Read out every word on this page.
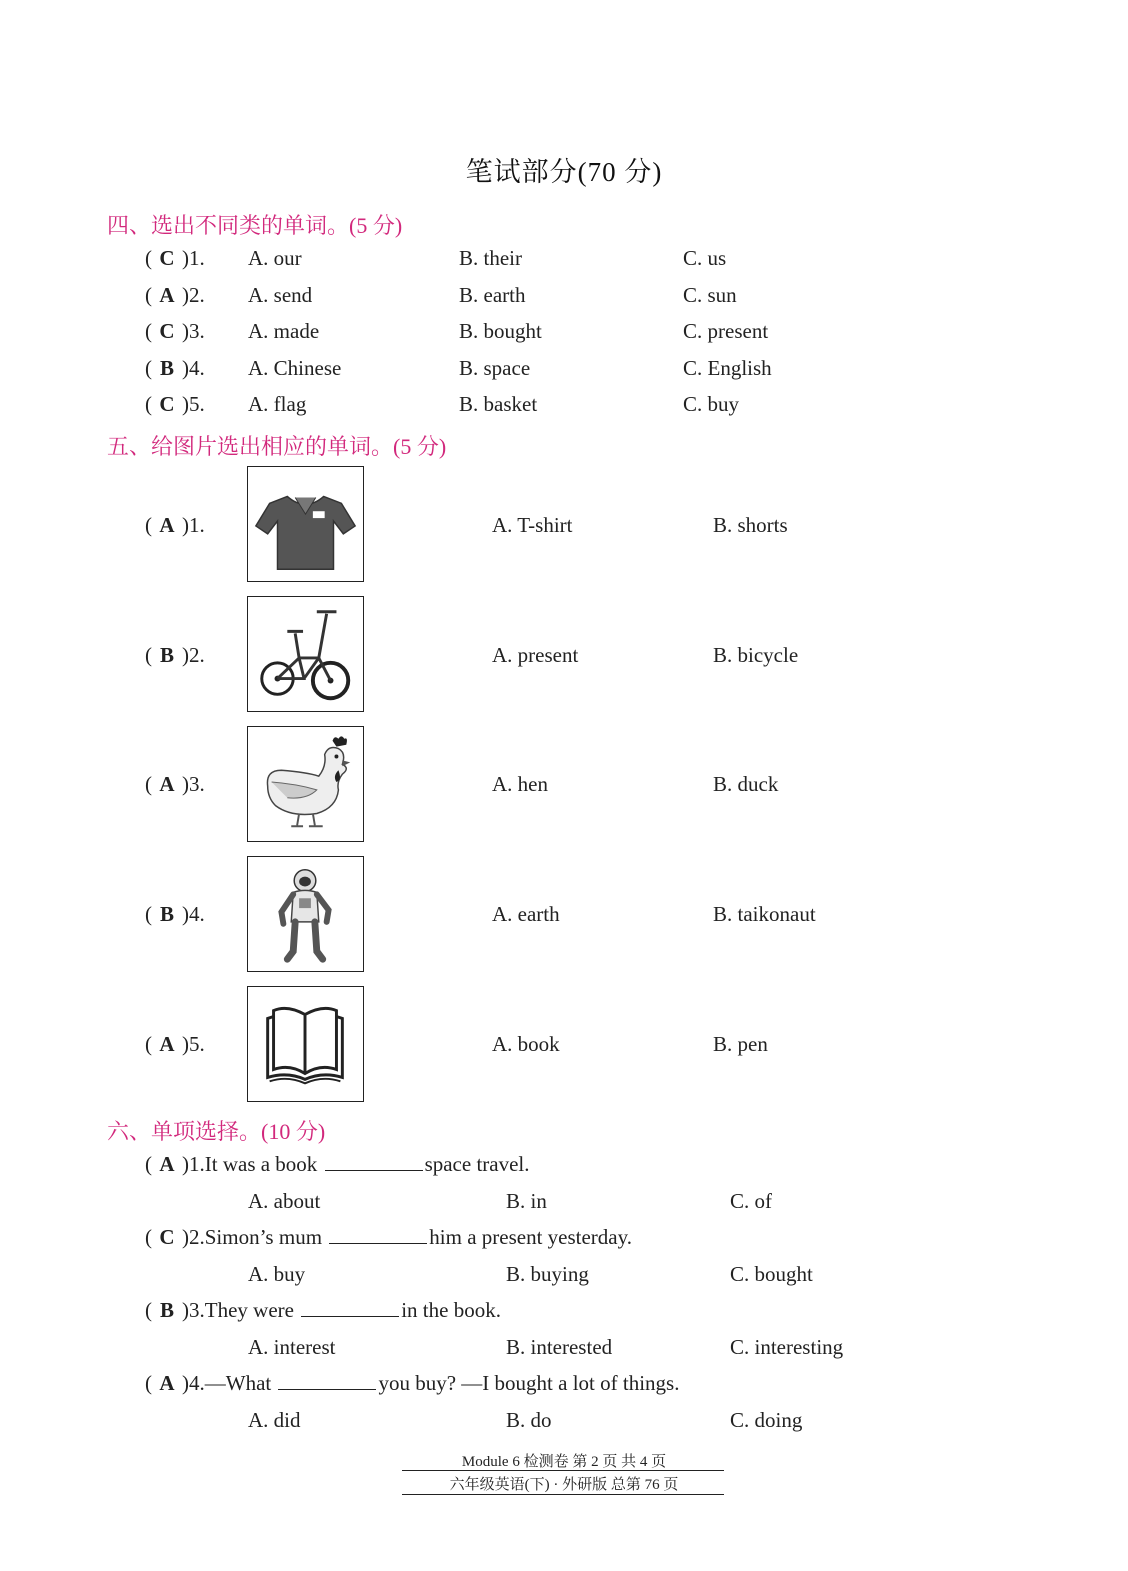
笔试部分(70 分)
四、选出不同类的单词。(5 分)
( C )1. A. our	B. their	C. us
( A )2. A. send	B. earth	C. sun
( C )3. A. made	B. bought	C. present
( B )4. A. Chinese	B. space	C. English
( C )5. A. flag	B. basket	C. buy
五、给图片选出相应的单词。(5 分)
( A )1.	A. T-shirt	B. shorts
( B )2.	A. present	B. bicycle
( A )3.	A. hen	B. duck
( B )4.	A. earth	B. taikonaut
( A )5.	A. book	B. pen
六、单项选择。(10 分)
( A )1.It was a book	space travel.
A. about	B. in	C. of
( C )2.Simon’s mum	him a present yesterday.
A. buy	B. buying	C. bought
( B )3.They were	in the book.
A. interest	B. interested	C. interesting
( A )4.—What	you buy? —I bought a lot of things.
A. did	B. do	C. doing
Module 6 检测卷 第 2 页 共 4 页
六年级英语(下) · 外研版 总第 76 页
